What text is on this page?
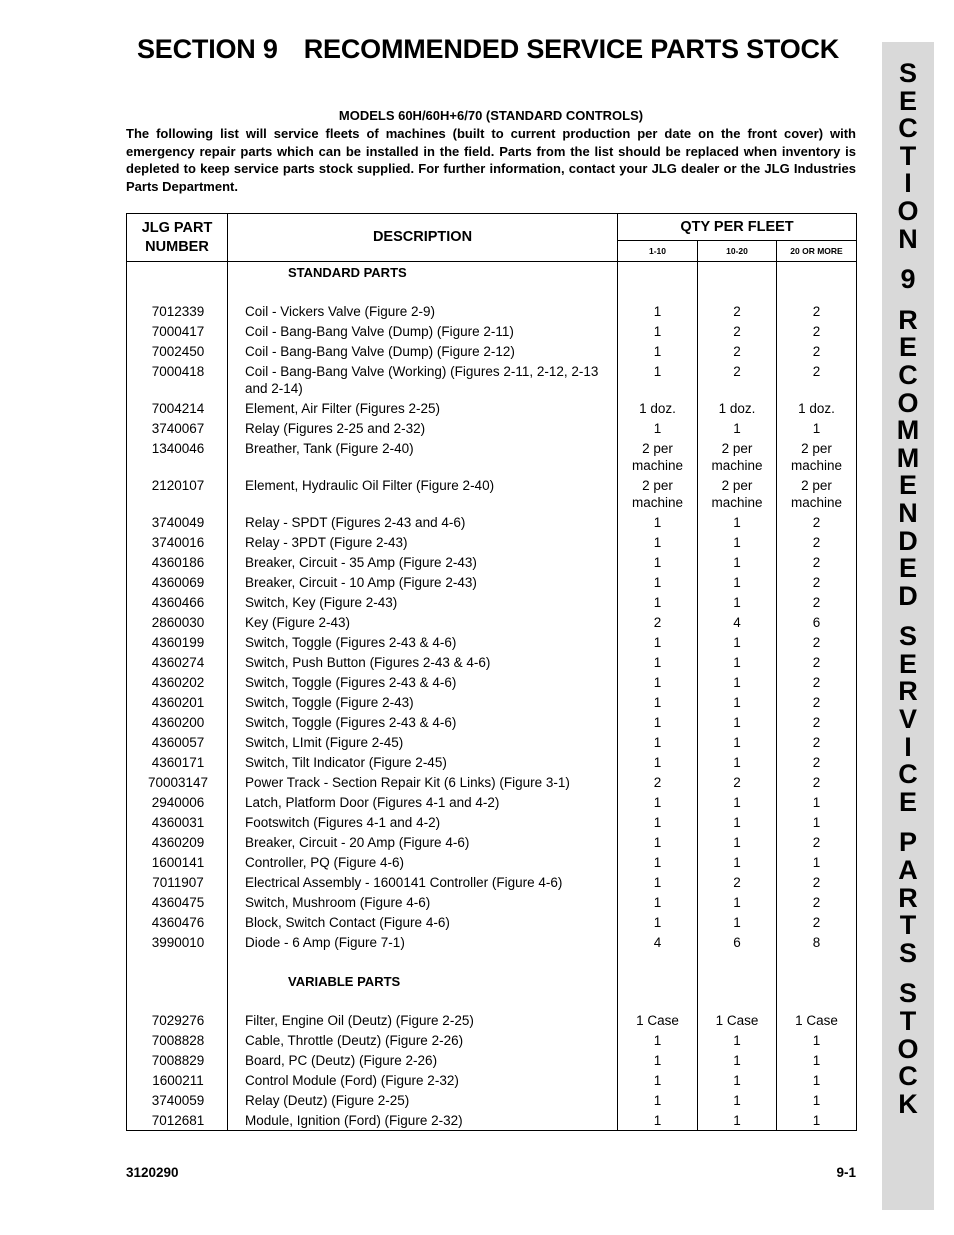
SECTION 9 RECOMMENDED SERVICE PARTS STOCK
S
E
C
T
I
O
N

9

R
E
C
O
M
M
E
N
D
E
D

S
E
R
V
I
C
E

P
A
R
T
S

S
T
O
C
K
MODELS 60H/60H+6/70 (STANDARD CONTROLS)
The following list will service fleets of machines (built to current production per date on the front cover) with emergency repair parts which can be installed in the field. Parts from the list should be replaced when inventory is depleted to keep service parts stock supplied. For further information, contact your JLG dealer or the JLG Industries Parts Department.
JLG PART
NUMBER	DESCRIPTION	QTY PER FLEET		
		1-10	10-20	20 OR MORE
	STANDARD PARTS			

7012339	Coil - Vickers Valve (Figure 2-9)	1	2	2
7000417	Coil - Bang-Bang Valve (Dump) (Figure 2-11)	1	2	2
7002450	Coil - Bang-Bang Valve (Dump) (Figure 2-12)	1	2	2
7000418	Coil - Bang-Bang Valve (Working) (Figures 2-11, 2-12, 2-13 and 2-14)	1	2	2
7004214	Element, Air Filter (Figures 2-25)	1 doz.	1 doz.	1 doz.
3740067	Relay (Figures 2-25 and 2-32)	1	1	1
1340046	Breather, Tank (Figure 2-40)	2 per machine	2 per machine	2 per machine
2120107	Element, Hydraulic Oil Filter (Figure 2-40)	2 per machine	2 per machine	2 per machine
3740049	Relay - SPDT (Figures 2-43 and 4-6)	1	1	2
3740016	Relay - 3PDT (Figure 2-43)	1	1	2
4360186	Breaker, Circuit - 35 Amp (Figure 2-43)	1	1	2
4360069	Breaker, Circuit - 10 Amp (Figure 2-43)	1	1	2
4360466	Switch, Key (Figure 2-43)	1	1	2
2860030	Key (Figure 2-43)	2	4	6
4360199	Switch, Toggle (Figures 2-43 & 4-6)	1	1	2
4360274	Switch, Push Button (Figures 2-43 & 4-6)	1	1	2
4360202	Switch, Toggle (Figures 2-43 & 4-6)	1	1	2
4360201	Switch, Toggle (Figure 2-43)	1	1	2
4360200	Switch, Toggle (Figures 2-43 & 4-6)	1	1	2
4360057	Switch, LImit (Figure 2-45)	1	1	2
4360171	Switch, Tilt Indicator (Figure 2-45)	1	1	2
70003147	Power Track - Section Repair Kit (6 Links) (Figure 3-1)	2	2	2
2940006	Latch, Platform Door (Figures 4-1 and 4-2)	1	1	1
4360031	Footswitch (Figures 4-1 and 4-2)	1	1	1
4360209	Breaker, Circuit - 20 Amp (Figure 4-6)	1	1	2
1600141	Controller, PQ (Figure 4-6)	1	1	1
7011907	Electrical Assembly - 1600141 Controller (Figure 4-6)	1	2	2
4360475	Switch, Mushroom (Figure 4-6)	1	1	2
4360476	Block, Switch Contact (Figure 4-6)	1	1	2
3990010	Diode - 6 Amp (Figure 7-1)	4	6	8

	VARIABLE PARTS			

7029276	Filter, Engine Oil (Deutz) (Figure 2-25)	1 Case	1 Case	1 Case
7008828	Cable, Throttle (Deutz) (Figure 2-26)	1	1	1
7008829	Board, PC (Deutz) (Figure 2-26)	1	1	1
1600211	Control Module (Ford) (Figure 2-32)	1	1	1
3740059	Relay (Deutz) (Figure 2-25)	1	1	1
7012681	Module, Ignition (Ford) (Figure 2-32)	1	1	1
3120290	9-1
